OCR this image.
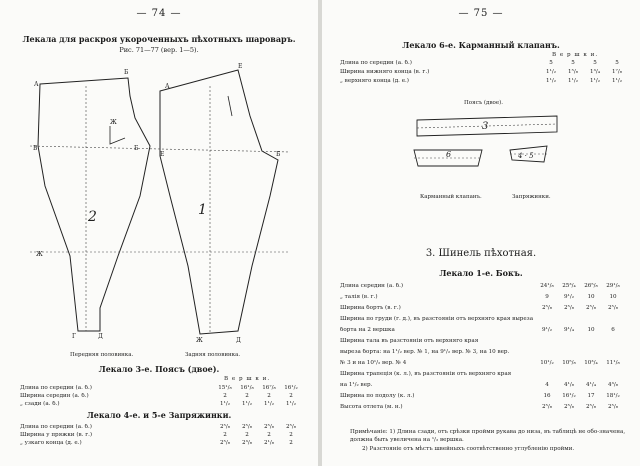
— 74 —
Лекала для раскроя укороченныхъ пѣхотныхъ шароваръ.
Рис. 71—77 (вер. 1—5).
А
Б
Ж
Б
В
Ж
Г	Д
Е	Б
Е
А
Ж	Д
2	1
Передняя половинка.	Задняя половинка.
Лекало 3-е. Поясъ (двое).
В е р ш к и.
Длина по середин (а. б.)	15¹/₈ 16¹/₈ 16⁷/₈ 16¹/₂
Ширина середин (а. б.)	2	2	2	2
„ сзади (а. б.)	1¹/₂ 1¹/₂ 1¹/₂ 1¹/₂
Лекало 4-е. и 5-е Запряжинки.
Длина по середин (а. б.)	2⁵/₈ 2⁵/₈ 2⁵/₈ 2⁵/₈
Ширина у пряжки (в. г.)	2	2	2	2
„ узкаго конца (д. е.)	2⁵/₈ 2³/₈ 2¹/₈	2
— 75 —
Лекало 6-е. Карманный клапанъ.
В е р ш к и.
Длина по середин (а. б.)	5	5	5	5
Ширина нижняго конца (в. г.)	1¹/₂ 1⁵/₈ 1³/₄ 1⁷/₈
„ верхняго конца (д. е.)	1¹/₂ 1¹/₂ 1¹/₂ 1¹/₂
Поясъ (двое).
3
6	4 · 5
Карманный клапанъ.	Запряжинки.
3. Шинель пѣхотная.
Лекало 1-е. Бокъ.
Длина середин (а. б.)	24¹/₈ 25³/₄ 26⁵/₈ 29¹/₈
„ талія (в. г.)	9	9¹/₂ 10	10
Ширина бортъ (в. г.)	2⁵/₈ 2⁵/₈ 2⁵/₈ 2⁵/₈
Ширина по груди (г. д.), въ разстояніи отъ верхняго края выреза
борта на 2 вершка	9¹/₂ 9¹/₄ 10	6
Ширина тала въ разстояніи отъ верхняго края
выреза борта: на 1¹/₂ вер. № 1, на 9¹/₂ вер. № 3, на 10 вер.
№ 3 и на 10¹/₂ вер. № 4	10¹/₂ 10⁵/₈ 10³/₄ 11¹/₈
Ширина трапеція (к. л.), въ разстояніи отъ верхняго края
на 1¹/₂ вер.	4	4¹/₈ 4¹/₄ 4³/₈
Ширина по подолу (к. л.)	16 16¹/₂ 17 18¹/₂
Высота отлета (м. н.)	2⁵/₈ 2⁵/₈ 2⁵/₈ 2⁵/₈
Примѣчаніе: 1) Длина сзади, отъ срѣзки пройми рукава до низа, въ таблицѣ не обо-значена, должна быть увеличена на ¹/₂ вершка.
2) Разстояніе отъ мѣстъ швейныхъ соотвѣтственно углубленію пройми.
